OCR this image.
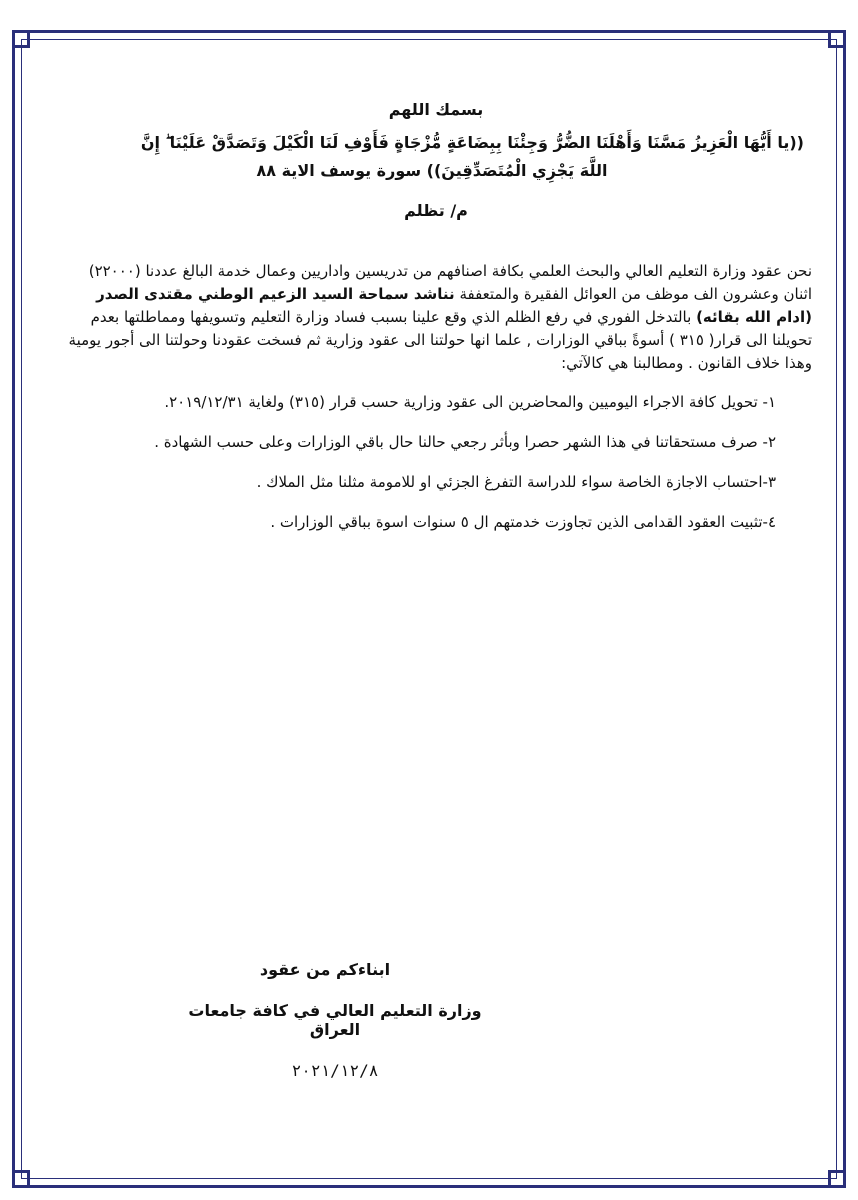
بسمك اللهم

((يا أَيُّهَا الْعَزِيزُ مَسَّنَا وَأَهْلَنَا الضُّرُّ وَجِئْنَا بِبِضَاعَةٍ مُّزْجَاةٍ فَأَوْفِ لَنَا الْكَيْلَ وَتَصَدَّقْ عَلَيْنَا ۖ إِنَّ

اللَّهَ يَجْزِي الْمُتَصَدِّقِينَ)) سورة يوسف الاية ٨٨

م/ تظلم

نحن عقود وزارة التعليم العالي والبحث العلمي بكافة اصنافهم من تدريسين واداريين وعمال خدمة البالغ عددنا (٢٢٠٠٠) اثنان وعشرون الف موظف من العوائل الفقيرة والمتعففة نناشد سماحة السيد الزعيم الوطني مقتدى الصدر (ادام الله بقائه) بالتدخل الفوري في رفع الظلم الذي وقع علينا بسبب فساد وزارة التعليم وتسويفها ومماطلتها بعدم تحويلنا الى قرار( ٣١٥ ) أسوةً بباقي الوزارات , علما انها حولتنا الى عقود وزارية ثم فسخت عقودنا وحولتنا الى أجور يومية وهذا خلاف القانون . ومطالبنا هي كالآتي:

١- تحويل كافة الاجراء اليوميين والمحاضرين الى عقود وزارية حسب قرار (٣١٥) ولغاية ٢٠١٩/١٢/٣١.

٢- صرف مستحقاتنا في هذا الشهر حصرا وبأثر رجعي حالنا حال باقي الوزارات وعلى حسب الشهادة .

٣-احتساب الاجازة الخاصة سواء للدراسة التفرغ الجزئي او للامومة مثلنا مثل الملاك .

٤-تثبيت العقود القدامى الذين تجاوزت خدمتهم ال ٥ سنوات اسوة بباقي الوزارات .

ابناءكم من عقود

وزارة التعليم العالي في كافة جامعات العراق

٢٠٢١/١٢/٨
